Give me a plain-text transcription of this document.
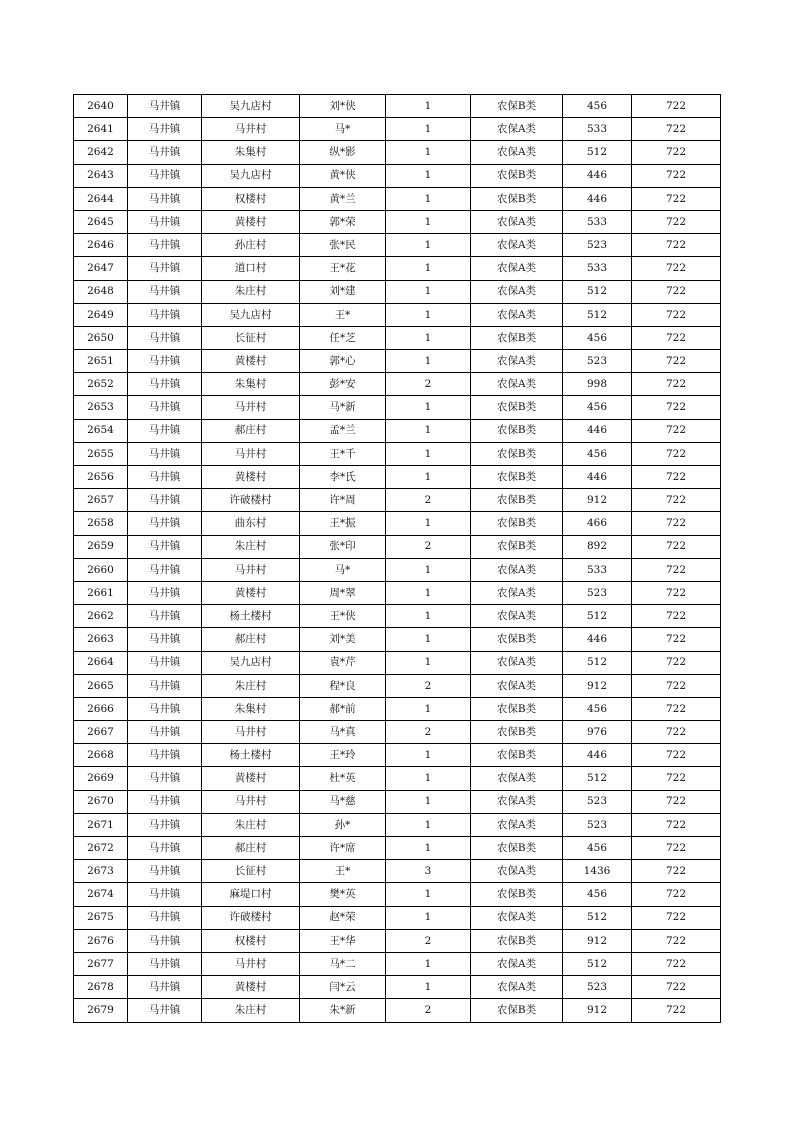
2640	马井镇	吴九店村	刘*侠	1	农保B类	456	722
2641	马井镇	马井村	马*	1	农保A类	533	722
2642	马井镇	朱集村	纵*影	1	农保A类	512	722
2643	马井镇	吴九店村	黄*侠	1	农保B类	446	722
2644	马井镇	权楼村	黄*兰	1	农保B类	446	722
2645	马井镇	黄楼村	郭*荣	1	农保A类	533	722
2646	马井镇	孙庄村	张*民	1	农保A类	523	722
2647	马井镇	道口村	王*花	1	农保A类	533	722
2648	马井镇	朱庄村	刘*建	1	农保A类	512	722
2649	马井镇	吴九店村	王*	1	农保A类	512	722
2650	马井镇	长征村	任*芝	1	农保B类	456	722
2651	马井镇	黄楼村	郭*心	1	农保A类	523	722
2652	马井镇	朱集村	彭*安	2	农保A类	998	722
2653	马井镇	马井村	马*新	1	农保B类	456	722
2654	马井镇	郝庄村	孟*兰	1	农保B类	446	722
2655	马井镇	马井村	王*千	1	农保B类	456	722
2656	马井镇	黄楼村	李*氏	1	农保B类	446	722
2657	马井镇	许破楼村	许*周	2	农保B类	912	722
2658	马井镇	曲东村	王*振	1	农保B类	466	722
2659	马井镇	朱庄村	张*印	2	农保B类	892	722
2660	马井镇	马井村	马*	1	农保A类	533	722
2661	马井镇	黄楼村	周*翠	1	农保A类	523	722
2662	马井镇	杨土楼村	王*侠	1	农保A类	512	722
2663	马井镇	郝庄村	刘*美	1	农保B类	446	722
2664	马井镇	吴九店村	袁*芹	1	农保A类	512	722
2665	马井镇	朱庄村	程*良	2	农保A类	912	722
2666	马井镇	朱集村	郝*前	1	农保B类	456	722
2667	马井镇	马井村	马*真	2	农保B类	976	722
2668	马井镇	杨土楼村	王*玲	1	农保B类	446	722
2669	马井镇	黄楼村	杜*英	1	农保A类	512	722
2670	马井镇	马井村	马*慈	1	农保A类	523	722
2671	马井镇	朱庄村	孙*	1	农保A类	523	722
2672	马井镇	郝庄村	许*席	1	农保B类	456	722
2673	马井镇	长征村	王*	3	农保A类	1436	722
2674	马井镇	麻堤口村	樊*英	1	农保B类	456	722
2675	马井镇	许破楼村	赵*荣	1	农保A类	512	722
2676	马井镇	权楼村	王*华	2	农保B类	912	722
2677	马井镇	马井村	马*二	1	农保A类	512	722
2678	马井镇	黄楼村	闫*云	1	农保A类	523	722
2679	马井镇	朱庄村	朱*新	2	农保B类	912	722
